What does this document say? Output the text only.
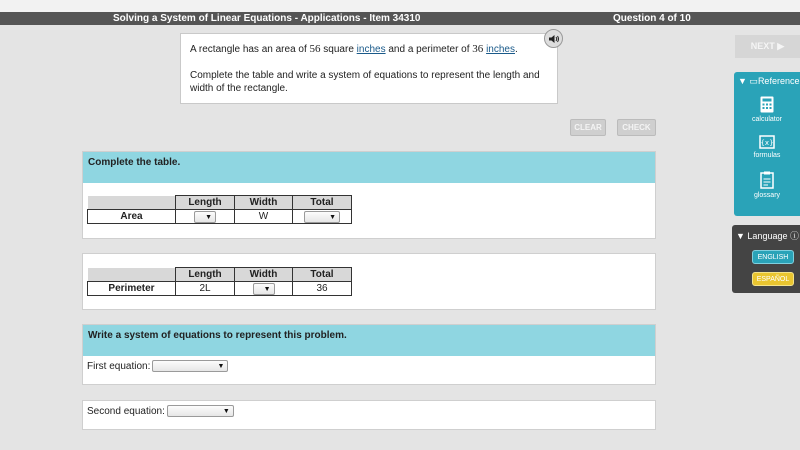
Solving a System of Linear Equations - Applications - Item 34310	Question 4 of 10

A rectangle has an area of 56 square inches and a perimeter of 36 inches.

Complete the table and write a system of equations to represent the length and width of the rectangle.

CLEAR	CHECK
Complete the table.
	Length	Width	Total
Area	▼	W	▼
	Length	Width	Total
Perimeter	2L	▼	36
Write a system of equations to represent this problem.
First equation:	▼
Second equation:	▼
NEXT ▶
▼ ▭Reference
calculator
{x}
formulas
glossary
▼ Language ⓘ
ENGLISH
ESPAÑOL
